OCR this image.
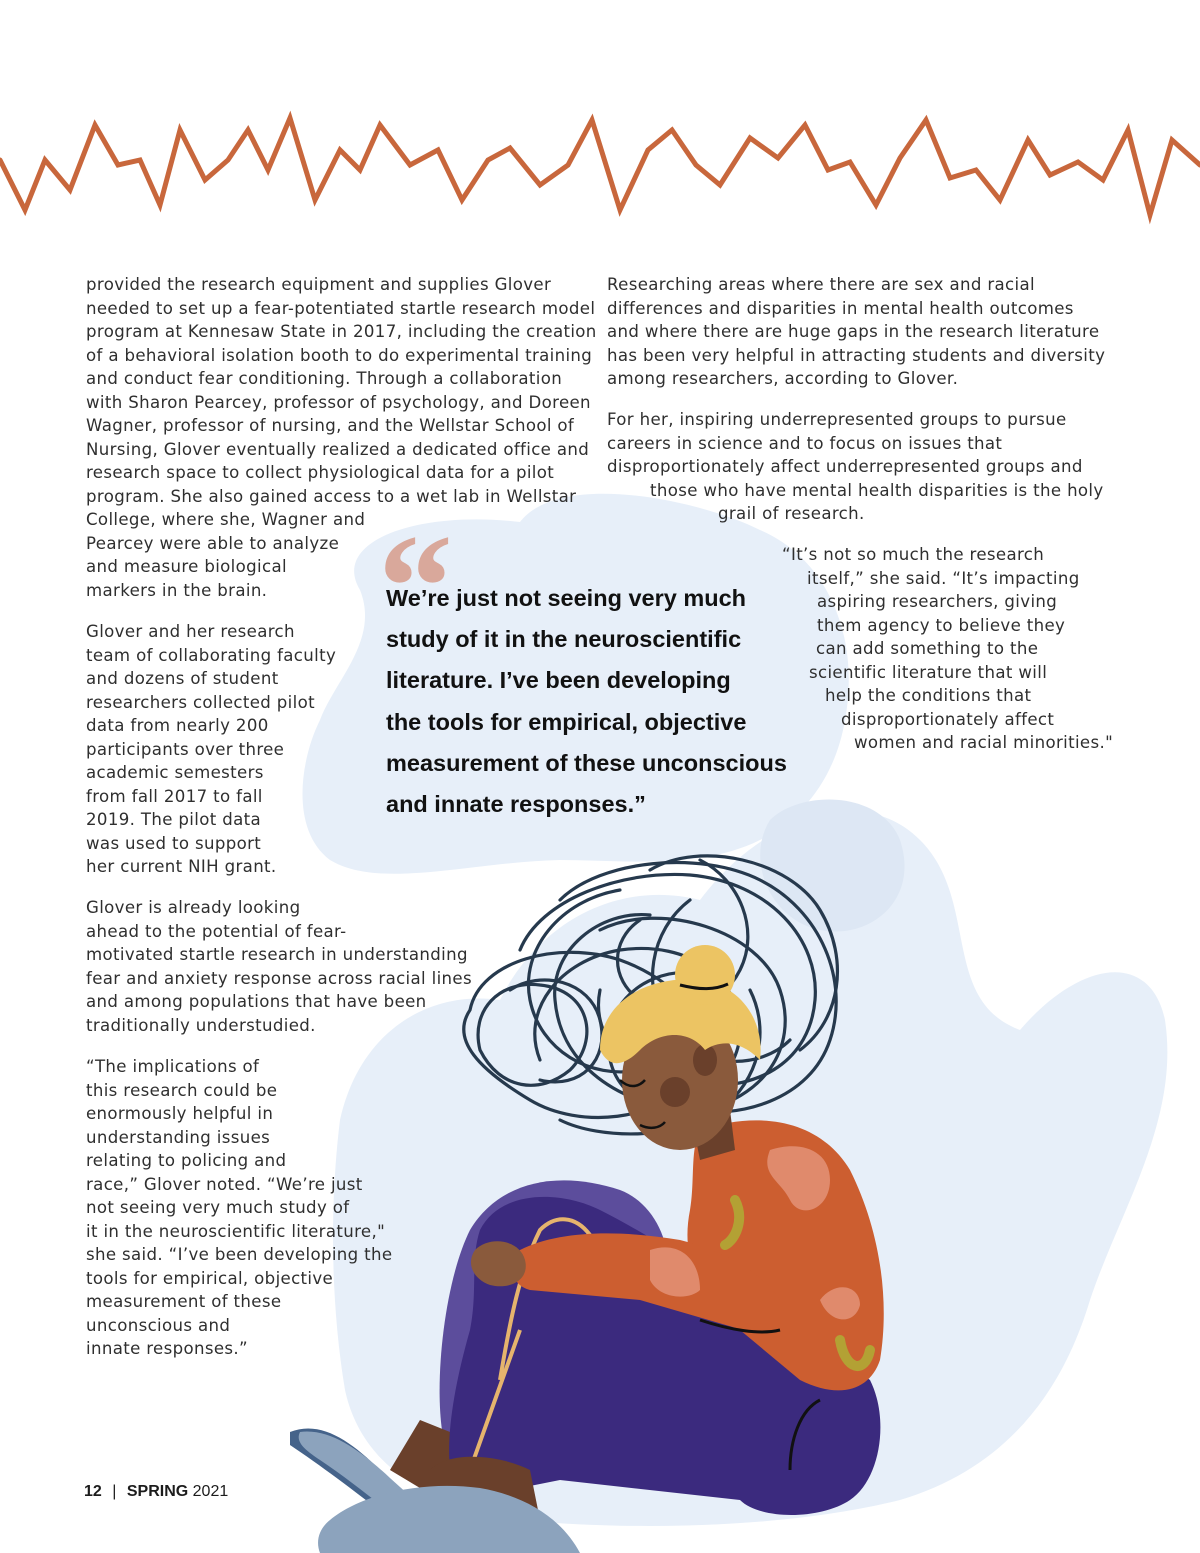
provided the research equipment and supplies Glover
needed to set up a fear-potentiated startle research model
program at Kennesaw State in 2017, including the creation
of a behavioral isolation booth to do experimental training
and conduct fear conditioning. Through a collaboration
with Sharon Pearcey, professor of psychology, and Doreen
Wagner, professor of nursing, and the Wellstar School of
Nursing, Glover eventually realized a dedicated office and
research space to collect physiological data for a pilot
program. She also gained access to a wet lab in Wellstar
College, where she, Wagner and
Pearcey were able to analyze
and measure biological
markers in the brain.
Glover and her research
team of collaborating faculty
and dozens of student
researchers collected pilot
data from nearly 200
participants over three
academic semesters
from fall 2017 to fall
2019. The pilot data
was used to support
her current NIH grant.
Glover is already looking
ahead to the potential of fear-
motivated startle research in understanding
fear and anxiety response across racial lines
and among populations that have been
traditionally understudied.
“The implications of
this research could be
enormously helpful in
understanding issues
relating to policing and
race,” Glover noted. “We’re just
not seeing very much study of
it in the neuroscientific literature,"
she said. “I’ve been developing the
tools for empirical, objective
measurement of these
unconscious and
innate responses.”
Researching areas where there are sex and racial
differences and disparities in mental health outcomes
and where there are huge gaps in the research literature
has been very helpful in attracting students and diversity
among researchers, according to Glover.
For her, inspiring underrepresented groups to pursue
careers in science and to focus on issues that
disproportionately affect underrepresented groups and
those who have mental health disparities is the holy
grail of research.
“It’s not so much the research
itself,” she said. “It’s impacting
aspiring researchers, giving
them agency to believe they
can add something to the
scientific literature that will
help the conditions that
disproportionately affect
women and racial minorities."
“
We’re just not seeing very much
study of it in the neuroscientific
literature. I’ve been developing
the tools for empirical, objective
measurement of these unconscious
and innate responses.”
12 | SPRING 2021
